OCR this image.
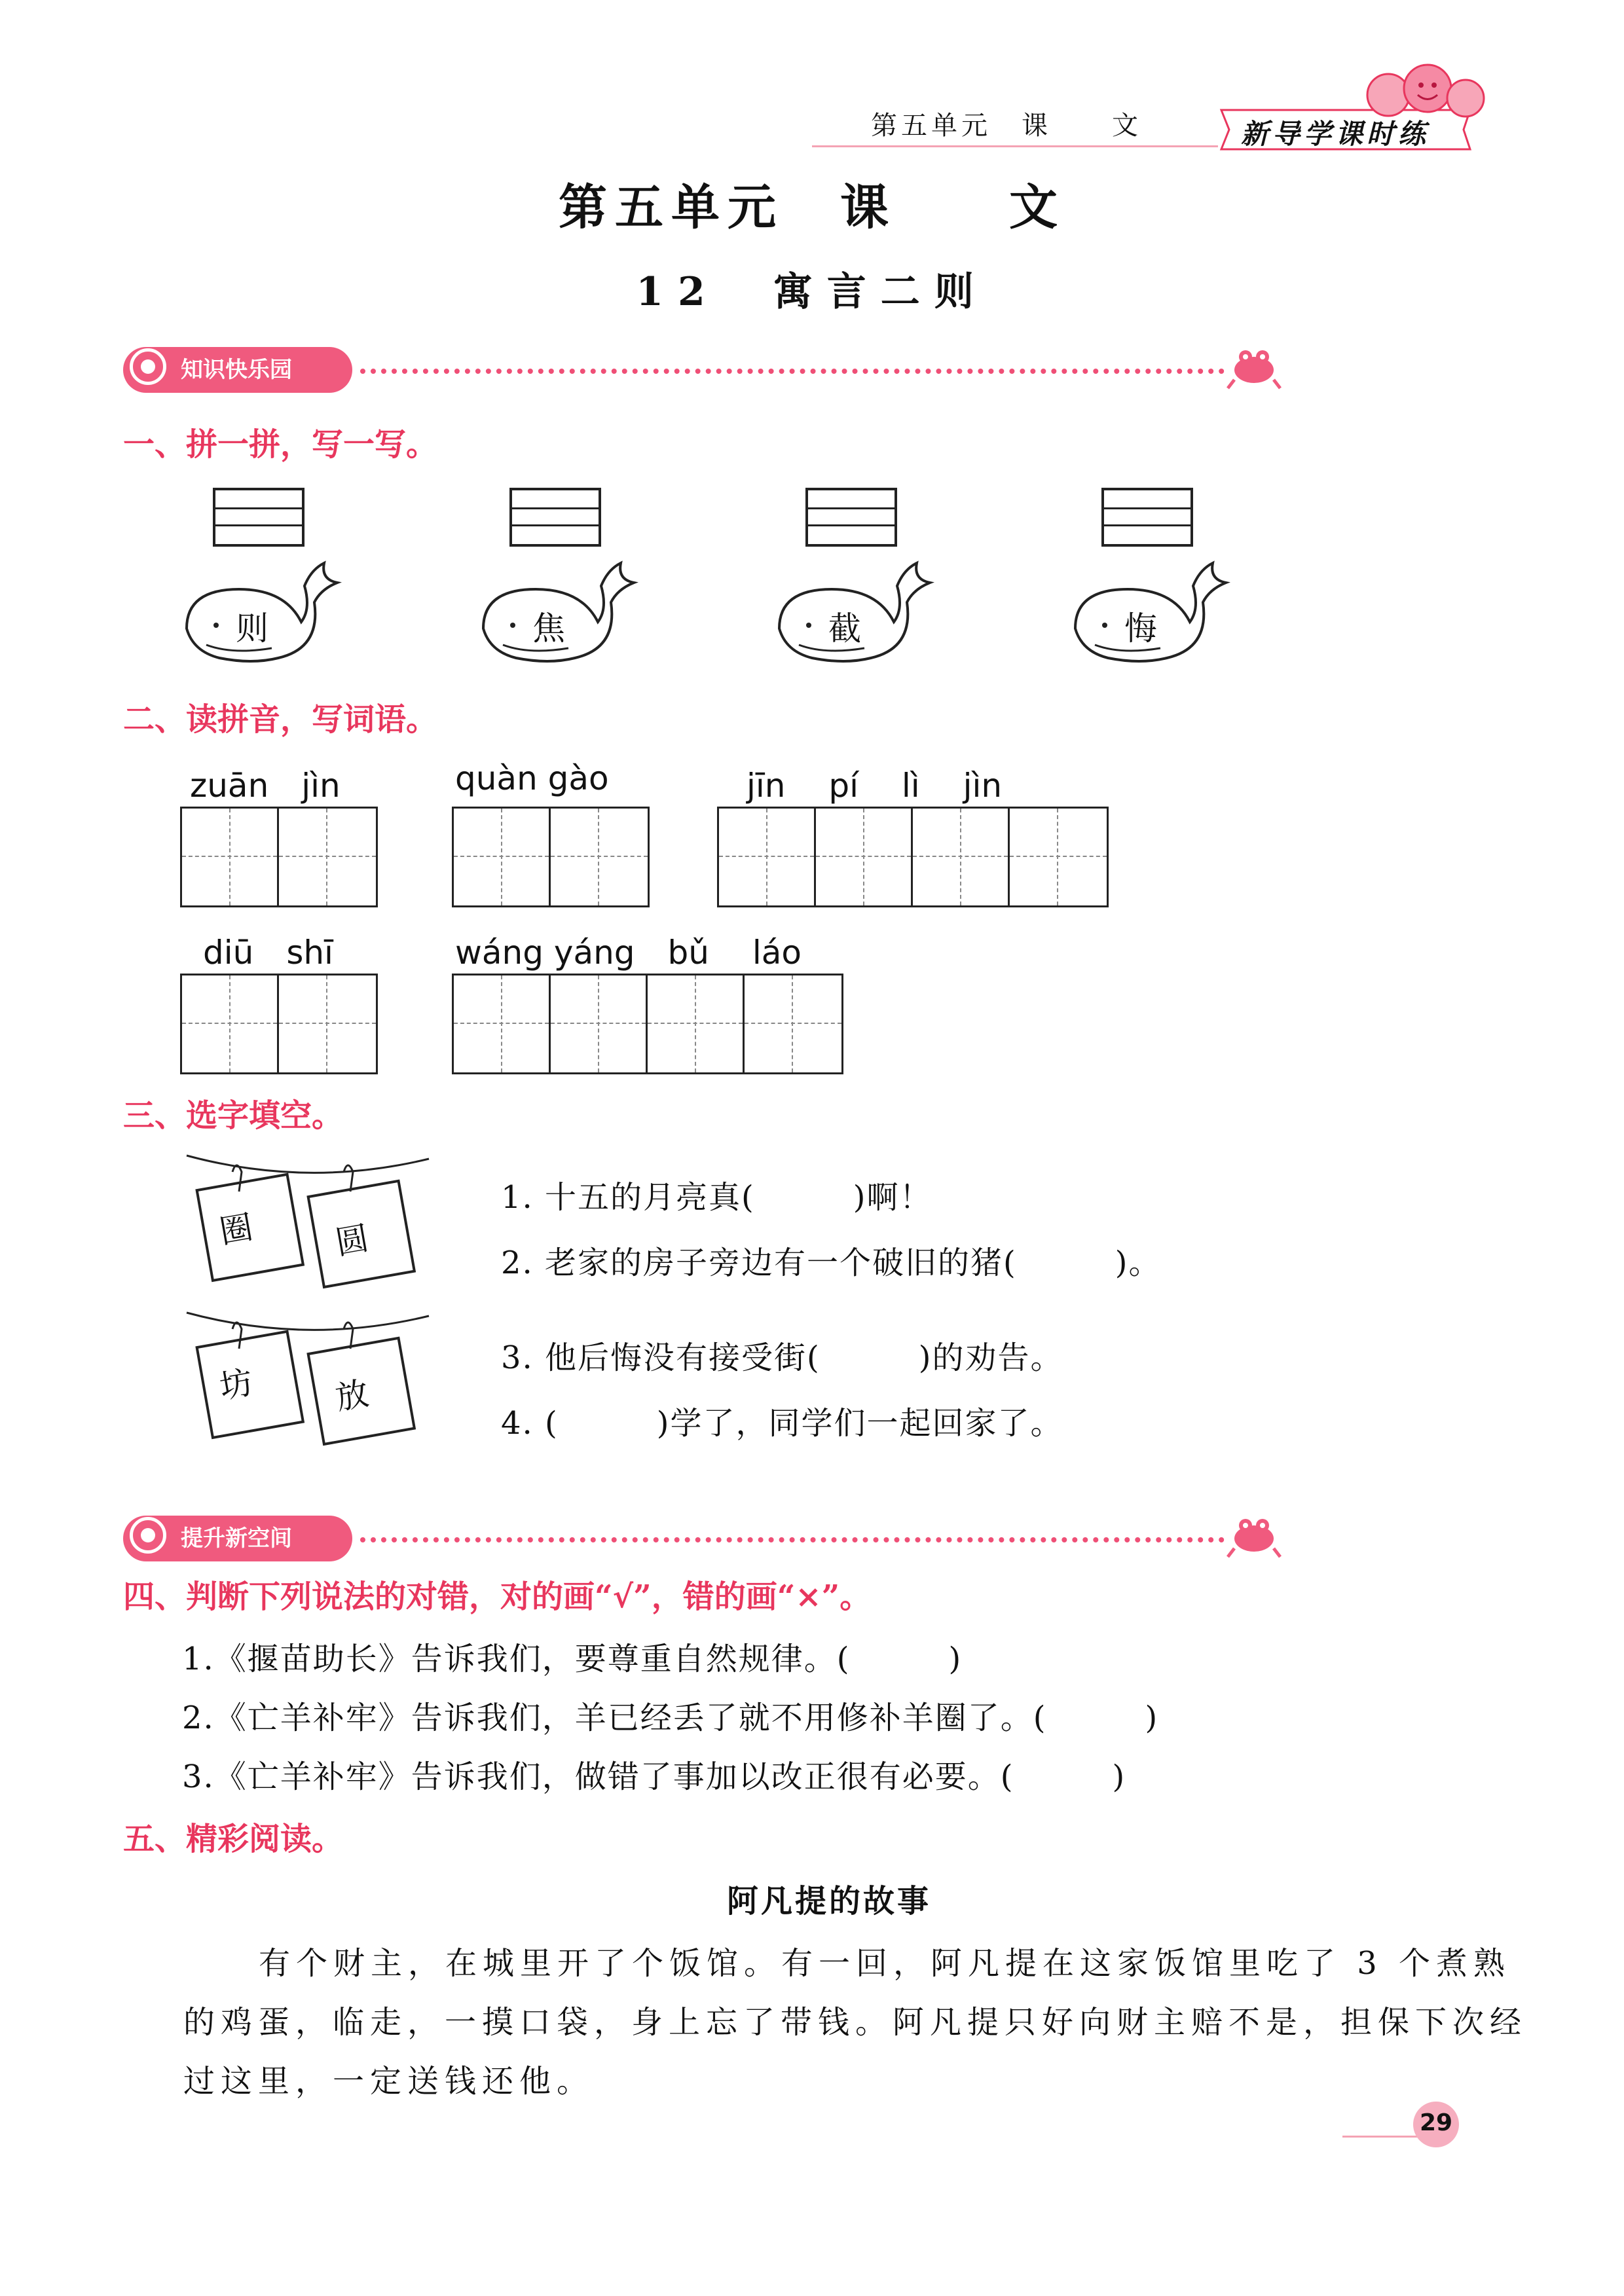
第五单元　课　　文	新导学课时练
第五单元　课　　文
12　寓言二则
知识快乐园
一、拼一拼，写一写。
则	焦	截	悔
二、读拼音，写词语。
zuān　jìn	quàn gào	jīn　 pí　 lì　 jìn
diū　shī	wáng yáng　bǔ　 láo
三、选字填空。
圈 圆
坊 放
1. 十五的月亮真(　　　)啊！
2. 老家的房子旁边有一个破旧的猪(　　　)。
3. 他后悔没有接受街(　　　)的劝告。
4. (　　　)学了，同学们一起回家了。
提升新空间
四、判断下列说法的对错，对的画“√”，错的画“×”。
1.《揠苗助长》告诉我们，要尊重自然规律。(　　　)
2.《亡羊补牢》告诉我们，羊已经丢了就不用修补羊圈了。(　　　)
3.《亡羊补牢》告诉我们，做错了事加以改正很有必要。(　　　)
五、精彩阅读。
阿凡提的故事
有个财主，在城里开了个饭馆。有一回，阿凡提在这家饭馆里吃了 3 个煮熟
的鸡蛋，临走，一摸口袋，身上忘了带钱。阿凡提只好向财主赔不是，担保下次经
过这里，一定送钱还他。
29
